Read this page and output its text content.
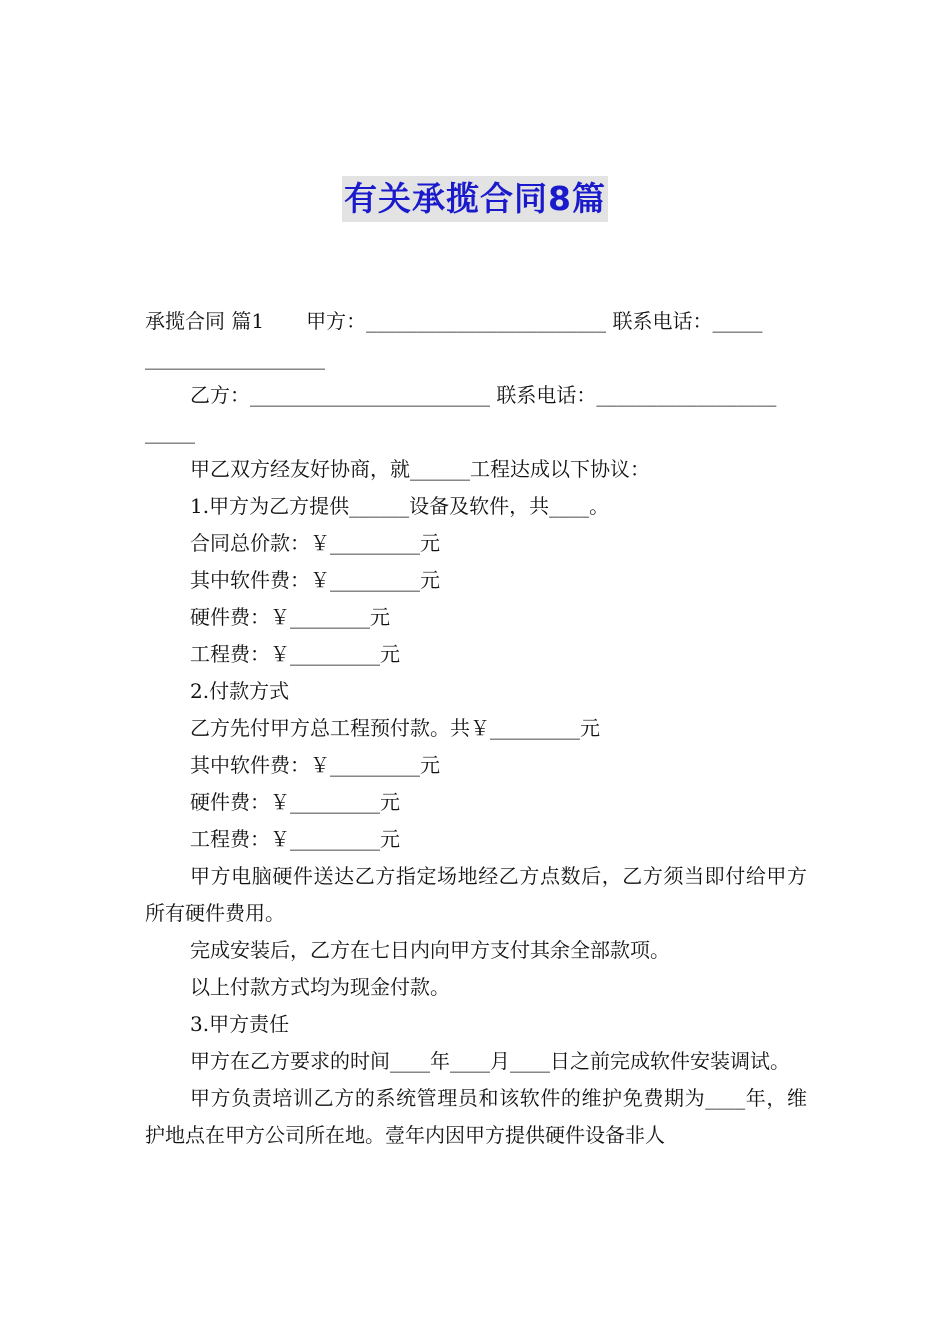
有关承揽合同8篇
承揽合同 篇1 甲方：________________________ 联系电话：_____
__________________
乙方：________________________ 联系电话：__________________
_____
甲乙双方经友好协商，就______工程达成以下协议：
1.甲方为乙方提供______设备及软件，共____。
合同总价款：￥_________元
其中软件费：￥_________元
硬件费：￥________元
工程费：￥_________元
2.付款方式
乙方先付甲方总工程预付款。共￥_________元
其中软件费：￥_________元
硬件费：￥_________元
工程费：￥_________元
甲方电脑硬件送达乙方指定场地经乙方点数后，乙方须当即付给甲方所有硬件费用。
完成安装后，乙方在七日内向甲方支付其余全部款项。
以上付款方式均为现金付款。
3.甲方责任
甲方在乙方要求的时间____年____月____日之前完成软件安装调试。
甲方负责培训乙方的系统管理员和该软件的维护免费期为____年，维护地点在甲方公司所在地。壹年内因甲方提供硬件设备非人
